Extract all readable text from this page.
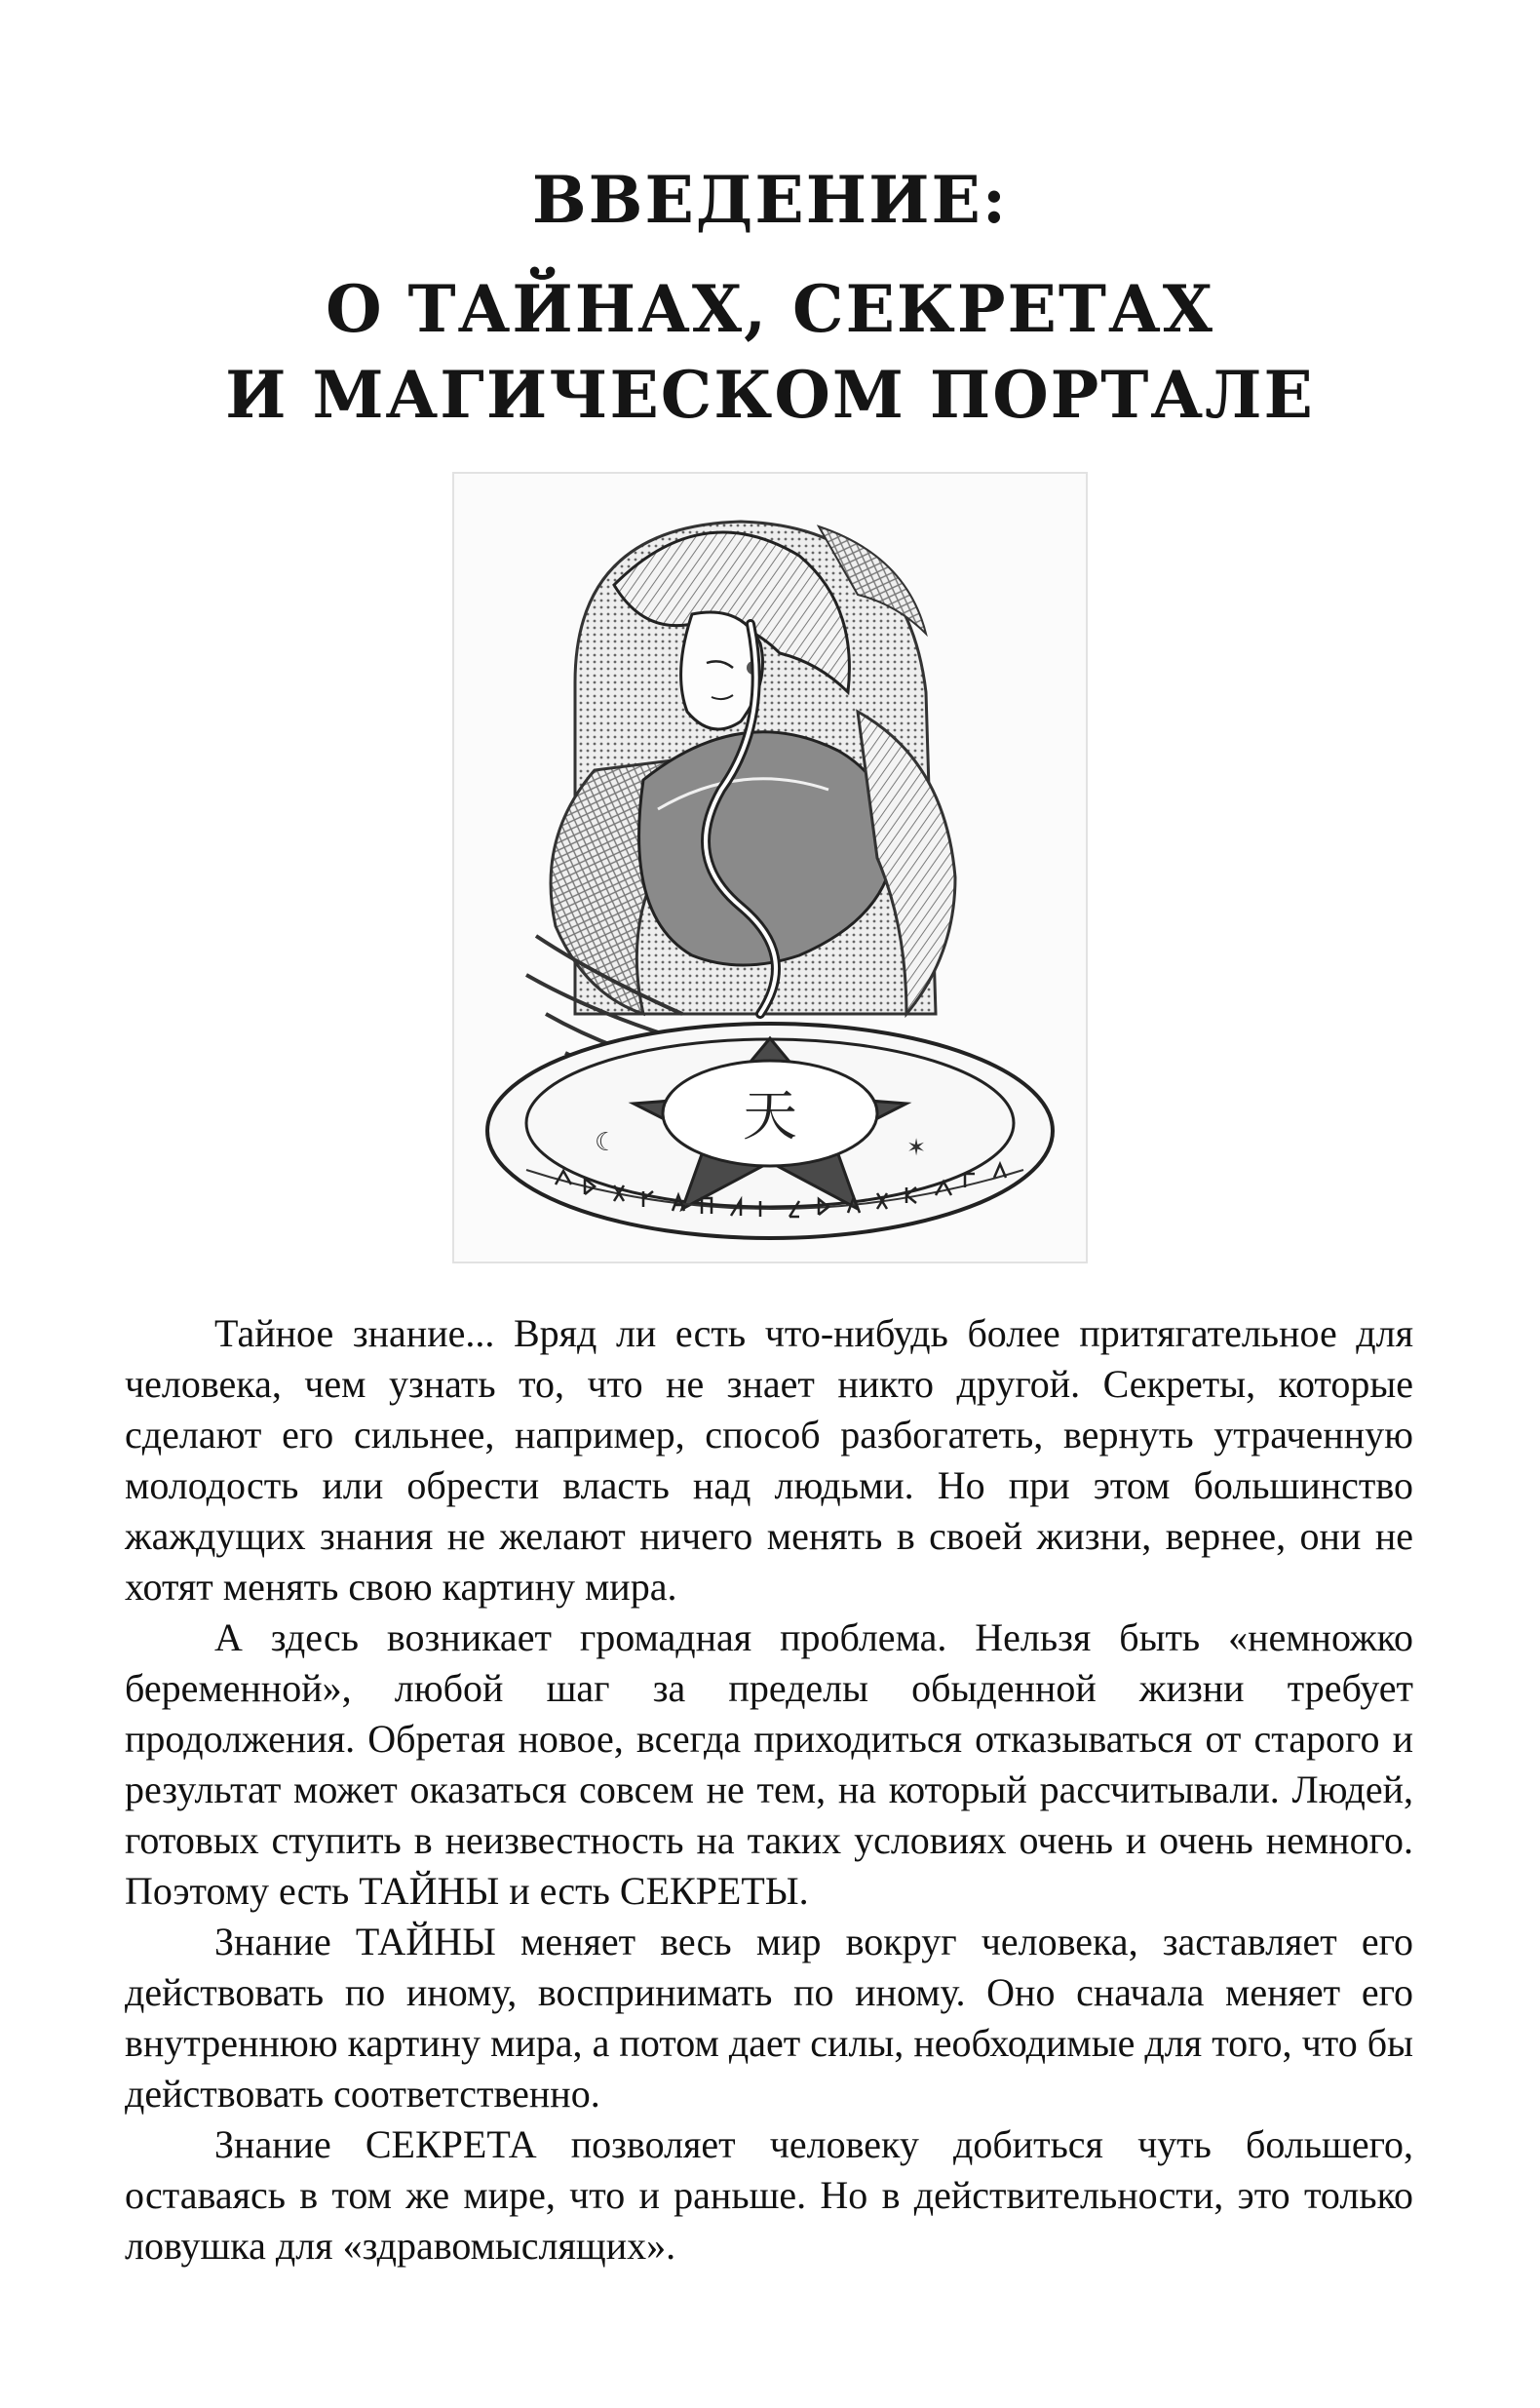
ВВЕДЕНИЕ:
О ТАЙНАХ, СЕКРЕТАХ
И МАГИЧЕСКОМ ПОРТАЛЕ
天
☾	✶

Тайное знание... Вряд ли есть что-нибудь более притягательное для человека, чем узнать то, что не знает никто другой. Секреты, которые сделают его сильнее, например, способ разбогатеть, вернуть утраченную молодость или обрести власть над людьми. Но при этом большинство жаждущих знания не желают ничего менять в своей жизни, вернее, они не хотят менять свою картину мира.

А здесь возникает громадная проблема. Нельзя быть «немножко беременной», любой шаг за пределы обыденной жизни требует продолжения. Обретая новое, всегда приходиться отказываться от старого и результат может оказаться совсем не тем, на который рассчитывали. Людей, готовых ступить в неизвестность на таких условиях очень и очень немного. Поэтому есть ТАЙНЫ и есть СЕКРЕТЫ.

Знание ТАЙНЫ меняет весь мир вокруг человека, заставляет его действовать по иному, воспринимать по иному. Оно сначала меняет его внутреннюю картину мира, а потом дает силы, необходимые для того, что бы действовать соответственно.

Знание СЕКРЕТА позволяет человеку добиться чуть большего, оставаясь в том же мире, что и раньше. Но в действительности, это только ловушка для «здравомыслящих».
